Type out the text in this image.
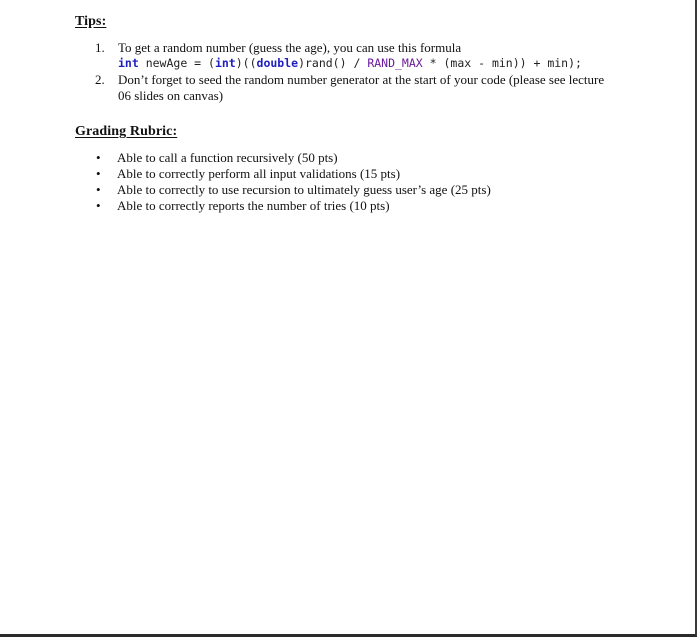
Tips:
1. To get a random number (guess the age), you can use this formula
int newAge = (int)((double)rand() / RAND_MAX * (max - min)) + min);
2. Don’t forget to seed the random number generator at the start of your code (please see lecture 06 slides on canvas)
Grading Rubric:
• Able to call a function recursively (50 pts)
• Able to correctly perform all input validations (15 pts)
• Able to correctly to use recursion to ultimately guess user’s age (25 pts)
• Able to correctly reports the number of tries (10 pts)
